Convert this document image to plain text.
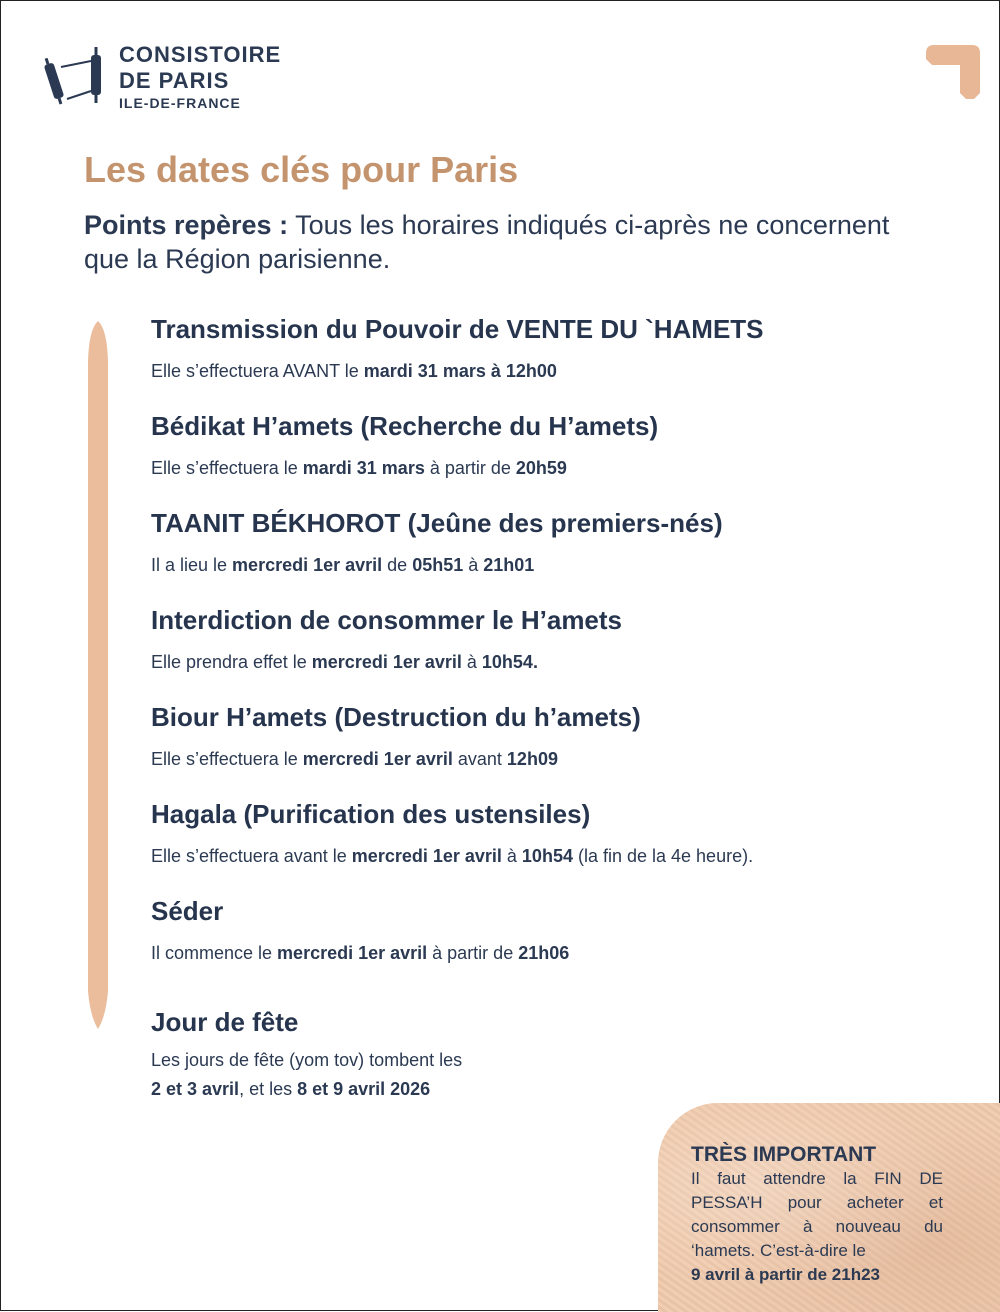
CONSISTOIRE
DE PARIS
ILE-DE-FRANCE
Les dates clés pour Paris

Points repères : Tous les horaires indiqués ci-après ne concernent que la Région parisienne.

Transmission du Pouvoir de VENTE DU `HAMETS

Elle s’effectuera AVANT le mardi 31 mars à 12h00

Bédikat H’amets (Recherche du H’amets)

Elle s’effectuera le mardi 31 mars à partir de 20h59

TAANIT BÉKHOROT (Jeûne des premiers-nés)

Il a lieu le mercredi 1er avril de 05h51 à 21h01

Interdiction de consommer le H’amets

Elle prendra effet le mercredi 1er avril à 10h54.

Biour H’amets (Destruction du h’amets)

Elle s’effectuera le mercredi 1er avril avant 12h09

Hagala (Purification des ustensiles)

Elle s’effectuera avant le mercredi 1er avril à 10h54 (la fin de la 4e heure).

Séder

Il commence le mercredi 1er avril à partir de 21h06

Jour de fête

Les jours de fête (yom tov) tombent les
2 et 3 avril, et les 8 et 9 avril 2026

TRÈS IMPORTANT

Il faut attendre la FIN DE PESSA’H pour acheter et consommer à nouveau du ‘hamets. C’est-à-dire le
9 avril à partir de 21h23
